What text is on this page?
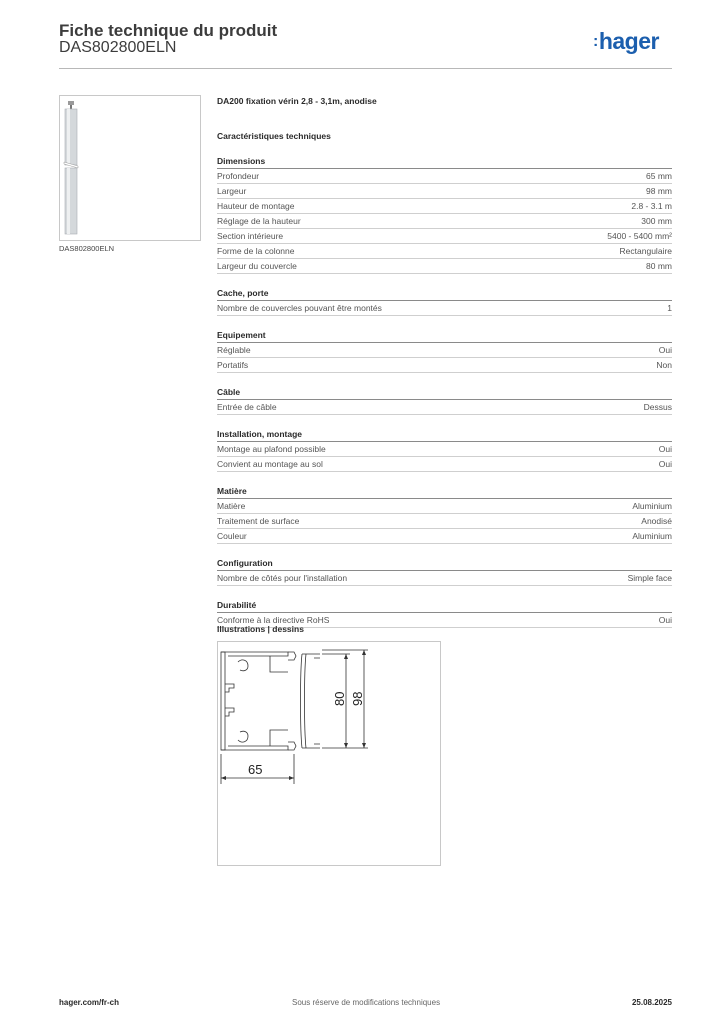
Fiche technique du produit
DAS802800ELN	:hager
DAS802800ELN
DA200 fixation vérin 2,8 - 3,1m, anodise
Caractéristiques techniques
Dimensions
Profondeur	65 mm
Largeur	98 mm
Hauteur de montage	2.8 - 3.1 m
Réglage de la hauteur	300 mm
Section intérieure	5400 - 5400 mm²
Forme de la colonne	Rectangulaire
Largeur du couvercle	80 mm
Cache, porte
Nombre de couvercles pouvant être montés	1
Equipement
Réglable	Oui
Portatifs	Non
Câble
Entrée de câble	Dessus
Installation, montage
Montage au plafond possible	Oui
Convient au montage au sol	Oui
Matière
Matière	Aluminium
Traitement de surface	Anodisé
Couleur	Aluminium
Configuration
Nombre de côtés pour l'installation	Simple face
Durabilité
Conforme à la directive RoHS	Oui
Illustrations | dessins
80 98
65
hager.com/fr-ch	Sous réserve de modifications techniques	25.08.2025
